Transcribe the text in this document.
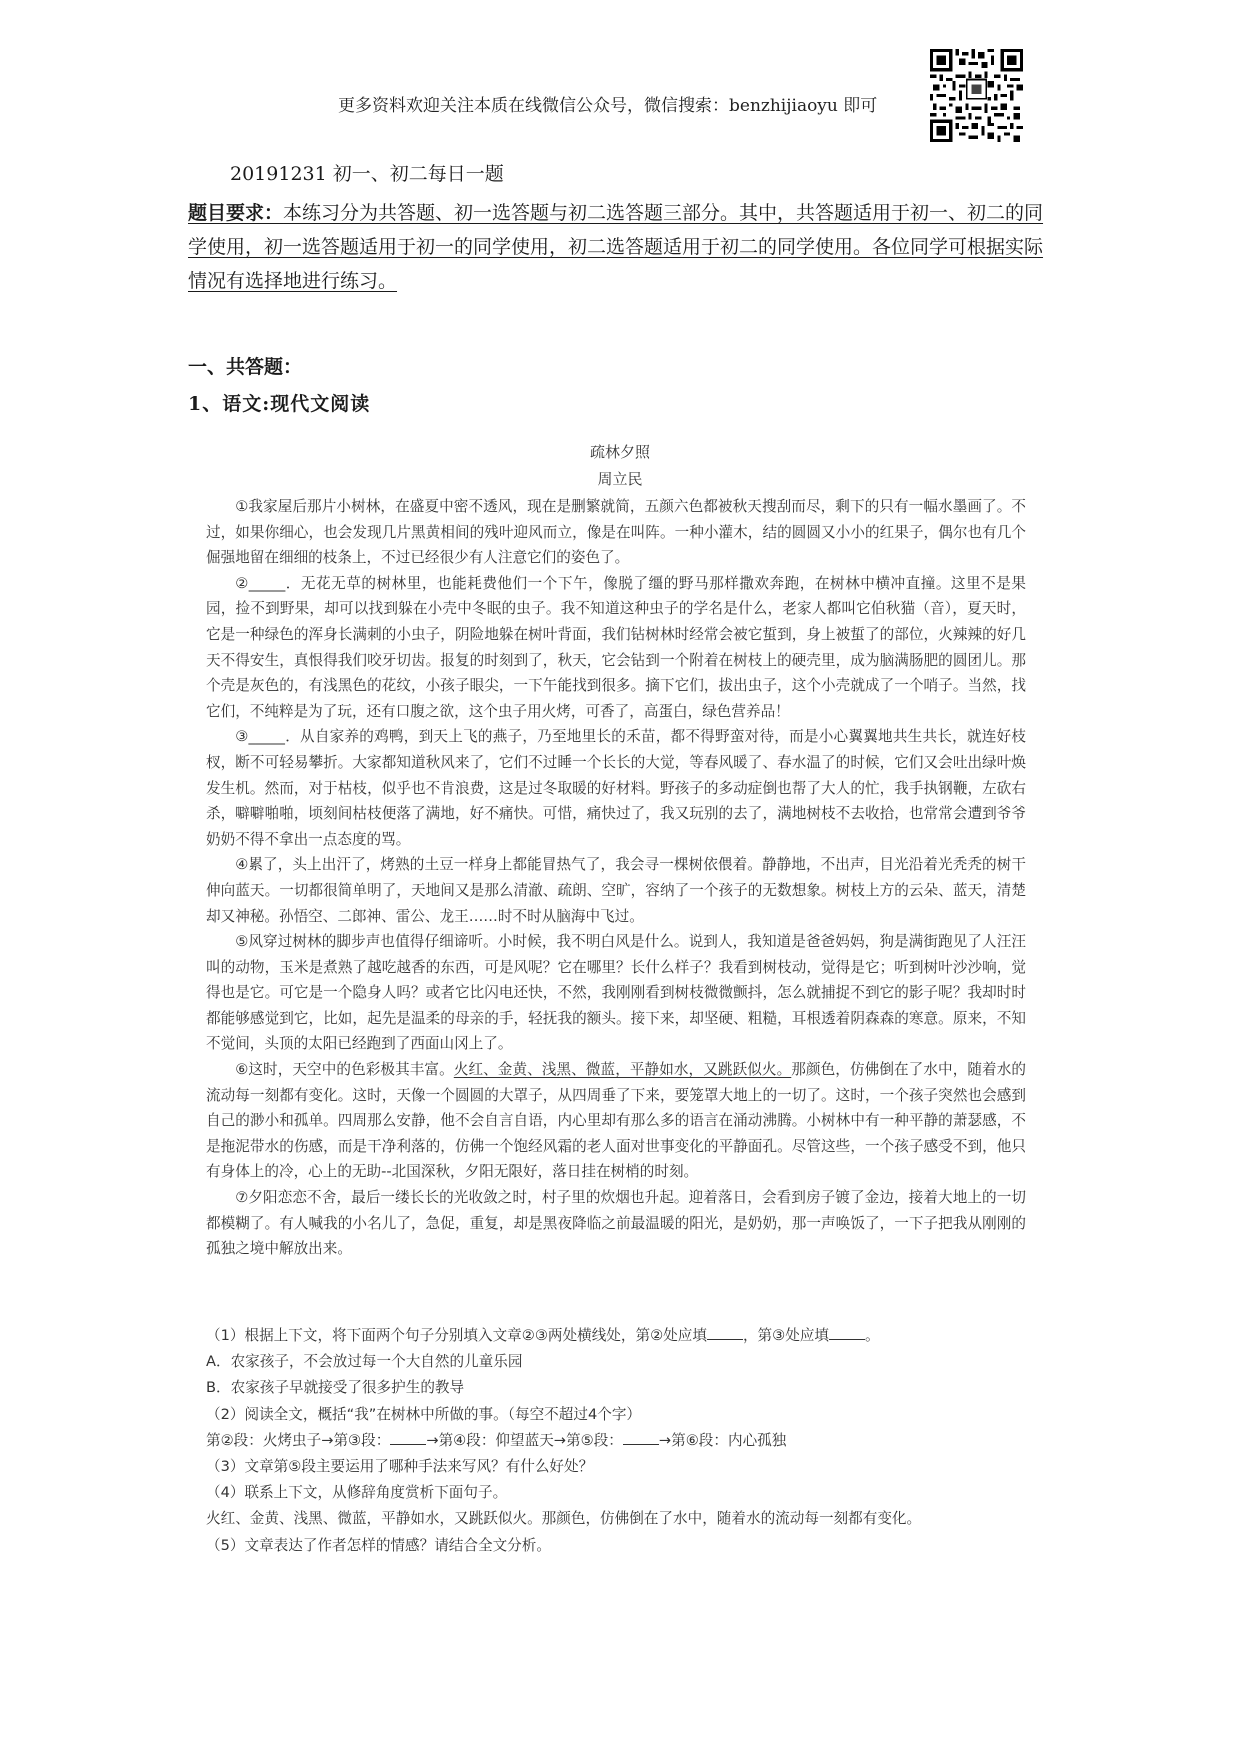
更多资料欢迎关注本质在线微信公众号，微信搜索：benzhijiaoyu 即可
20191231 初一、初二每日一题
题目要求：本练习分为共答题、初一选答题与初二选答题三部分。其中，共答题适用于初一、初二的同学使用，初一选答题适用于初一的同学使用，初二选答题适用于初二的同学使用。各位同学可根据实际情况有选择地进行练习。
一、共答题：
1、语文:现代文阅读
疏林夕照
周立民

①我家屋后那片小树林，在盛夏中密不透风，现在是删繁就简，五颜六色都被秋天搜刮而尽，剩下的只有一幅水墨画了。不过，如果你细心，也会发现几片黑黄相间的残叶迎风而立，像是在叫阵。一种小灌木，结的圆圆又小小的红果子，偶尔也有几个倔强地留在细细的枝条上，不过已经很少有人注意它们的姿色了。

②_____．无花无草的树林里，也能耗费他们一个下午，像脱了缰的野马那样撒欢奔跑，在树林中横冲直撞。这里不是果园，捡不到野果，却可以找到躲在小壳中冬眠的虫子。我不知道这种虫子的学名是什么，老家人都叫它伯秋猫（音），夏天时，它是一种绿色的浑身长满刺的小虫子，阴险地躲在树叶背面，我们钻树林时经常会被它蜇到，身上被蜇了的部位，火辣辣的好几天不得安生，真恨得我们咬牙切齿。报复的时刻到了，秋天，它会钻到一个附着在树枝上的硬壳里，成为脑满肠肥的圆团儿。那个壳是灰色的，有浅黑色的花纹，小孩子眼尖，一下午能找到很多。摘下它们，拔出虫子，这个小壳就成了一个哨子。当然，找它们，不纯粹是为了玩，还有口腹之欲，这个虫子用火烤，可香了，高蛋白，绿色营养品！

③_____．从自家养的鸡鸭，到天上飞的燕子，乃至地里长的禾苗，都不得野蛮对待，而是小心翼翼地共生共长，就连好枝杈，断不可轻易攀折。大家都知道秋风来了，它们不过睡一个长长的大觉，等春风暖了、春水温了的时候，它们又会吐出绿叶焕发生机。然而，对于枯枝，似乎也不肯浪费，这是过冬取暖的好材料。野孩子的多动症倒也帮了大人的忙，我手执钢鞭，左砍右杀，噼噼啪啪，顷刻间枯枝便落了满地，好不痛快。可惜，痛快过了，我又玩别的去了，满地树枝不去收拾，也常常会遭到爷爷奶奶不得不拿出一点态度的骂。

④累了，头上出汗了，烤熟的土豆一样身上都能冒热气了，我会寻一棵树依偎着。静静地，不出声，目光沿着光秃秃的树干伸向蓝天。一切都很简单明了，天地间又是那么清澈、疏朗、空旷，容纳了一个孩子的无数想象。树枝上方的云朵、蓝天，清楚却又神秘。孙悟空、二郎神、雷公、龙王……时不时从脑海中飞过。

⑤风穿过树林的脚步声也值得仔细谛听。小时候，我不明白风是什么。说到人，我知道是爸爸妈妈，狗是满街跑见了人汪汪叫的动物，玉米是煮熟了越吃越香的东西，可是风呢？它在哪里？长什么样子？我看到树枝动，觉得是它；听到树叶沙沙响，觉得也是它。可它是一个隐身人吗？或者它比闪电还快，不然，我刚刚看到树枝微微颤抖，怎么就捕捉不到它的影子呢？我却时时都能够感觉到它，比如，起先是温柔的母亲的手，轻抚我的额头。接下来，却坚硬、粗糙，耳根透着阴森森的寒意。原来，不知不觉间，头顶的太阳已经跑到了西面山冈上了。

⑥这时，天空中的色彩极其丰富。火红、金黄、浅黑、微蓝，平静如水，又跳跃似火。那颜色，仿佛倒在了水中，随着水的流动每一刻都有变化。这时，天像一个圆圆的大罩子，从四周垂了下来，要笼罩大地上的一切了。这时，一个孩子突然也会感到自己的渺小和孤单。四周那么安静，他不会自言自语，内心里却有那么多的语言在涌动沸腾。小树林中有一种平静的萧瑟感，不是拖泥带水的伤感，而是干净利落的，仿佛一个饱经风霜的老人面对世事变化的平静面孔。尽管这些，一个孩子感受不到，他只有身体上的冷，心上的无助--北国深秋，夕阳无限好，落日挂在树梢的时刻。

⑦夕阳恋恋不舍，最后一缕长长的光收敛之时，村子里的炊烟也升起。迎着落日，会看到房子镀了金边，接着大地上的一切都模糊了。有人喊我的小名儿了，急促，重复，却是黑夜降临之前最温暖的阳光，是奶奶，那一声唤饭了，一下子把我从刚刚的孤独之境中解放出来。

（1）根据上下文，将下面两个句子分别填入文章②③两处横线处，第②处应填 ，第③处应填 。
A．农家孩子，不会放过每一个大自然的儿童乐园
B．农家孩子早就接受了很多护生的教导
（2）阅读全文，概括“我”在树林中所做的事。（每空不超过4个字）
第②段：火烤虫子→第③段： →第④段：仰望蓝天→第⑤段： →第⑥段：内心孤独
（3）文章第⑤段主要运用了哪种手法来写风？有什么好处？
（4）联系上下文，从修辞角度赏析下面句子。
火红、金黄、浅黑、微蓝，平静如水，又跳跃似火。那颜色，仿佛倒在了水中，随着水的流动每一刻都有变化。
（5）文章表达了作者怎样的情感？请结合全文分析。
